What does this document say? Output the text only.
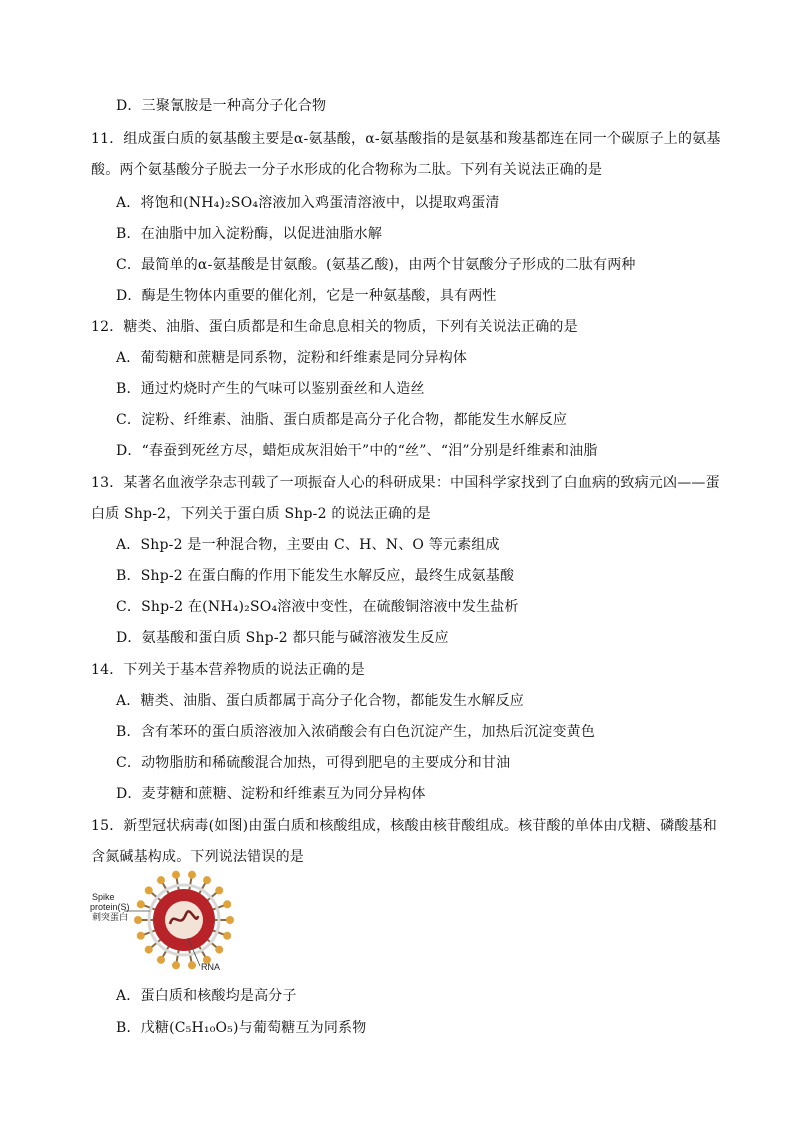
D．三聚氰胺是一种高分子化合物
11．组成蛋白质的氨基酸主要是α-氨基酸，α-氨基酸指的是氨基和羧基都连在同一个碳原子上的氨基
酸。两个氨基酸分子脱去一分子水形成的化合物称为二肽。下列有关说法正确的是
A．将饱和(NH₄)₂SO₄溶液加入鸡蛋清溶液中，以提取鸡蛋清
B．在油脂中加入淀粉酶，以促进油脂水解
C．最简单的α-氨基酸是甘氨酸。(氨基乙酸)，由两个甘氨酸分子形成的二肽有两种
D．酶是生物体内重要的催化剂，它是一种氨基酸，具有两性
12．糖类、油脂、蛋白质都是和生命息息相关的物质，下列有关说法正确的是
A．葡萄糖和蔗糖是同系物，淀粉和纤维素是同分异构体
B．通过灼烧时产生的气味可以鉴别蚕丝和人造丝
C．淀粉、纤维素、油脂、蛋白质都是高分子化合物，都能发生水解反应
D．“春蚕到死丝方尽，蜡炬成灰泪始干”中的“丝”、“泪”分别是纤维素和油脂
13．某著名血液学杂志刊载了一项振奋人心的科研成果：中国科学家找到了白血病的致病元凶——蛋
白质 Shp-2，下列关于蛋白质 Shp-2 的说法正确的是
A．Shp-2 是一种混合物，主要由 C、H、N、O 等元素组成
B．Shp-2 在蛋白酶的作用下能发生水解反应，最终生成氨基酸
C．Shp-2 在(NH₄)₂SO₄溶液中变性，在硫酸铜溶液中发生盐析
D．氨基酸和蛋白质 Shp-2 都只能与碱溶液发生反应
14．下列关于基本营养物质的说法正确的是
A．糖类、油脂、蛋白质都属于高分子化合物，都能发生水解反应
B．含有苯环的蛋白质溶液加入浓硝酸会有白色沉淀产生，加热后沉淀变黄色
C．动物脂肪和稀硫酸混合加热，可得到肥皂的主要成分和甘油
D．麦芽糖和蔗糖、淀粉和纤维素互为同分异构体
15．新型冠状病毒(如图)由蛋白质和核酸组成，核酸由核苷酸组成。核苷酸的单体由戊糖、磷酸基和
含氮碱基构成。下列说法错误的是
Spike
protein(S)
刺突蛋白
RNA
A．蛋白质和核酸均是高分子
B．戊糖(C₅H₁₀O₅)与葡萄糖互为同系物
